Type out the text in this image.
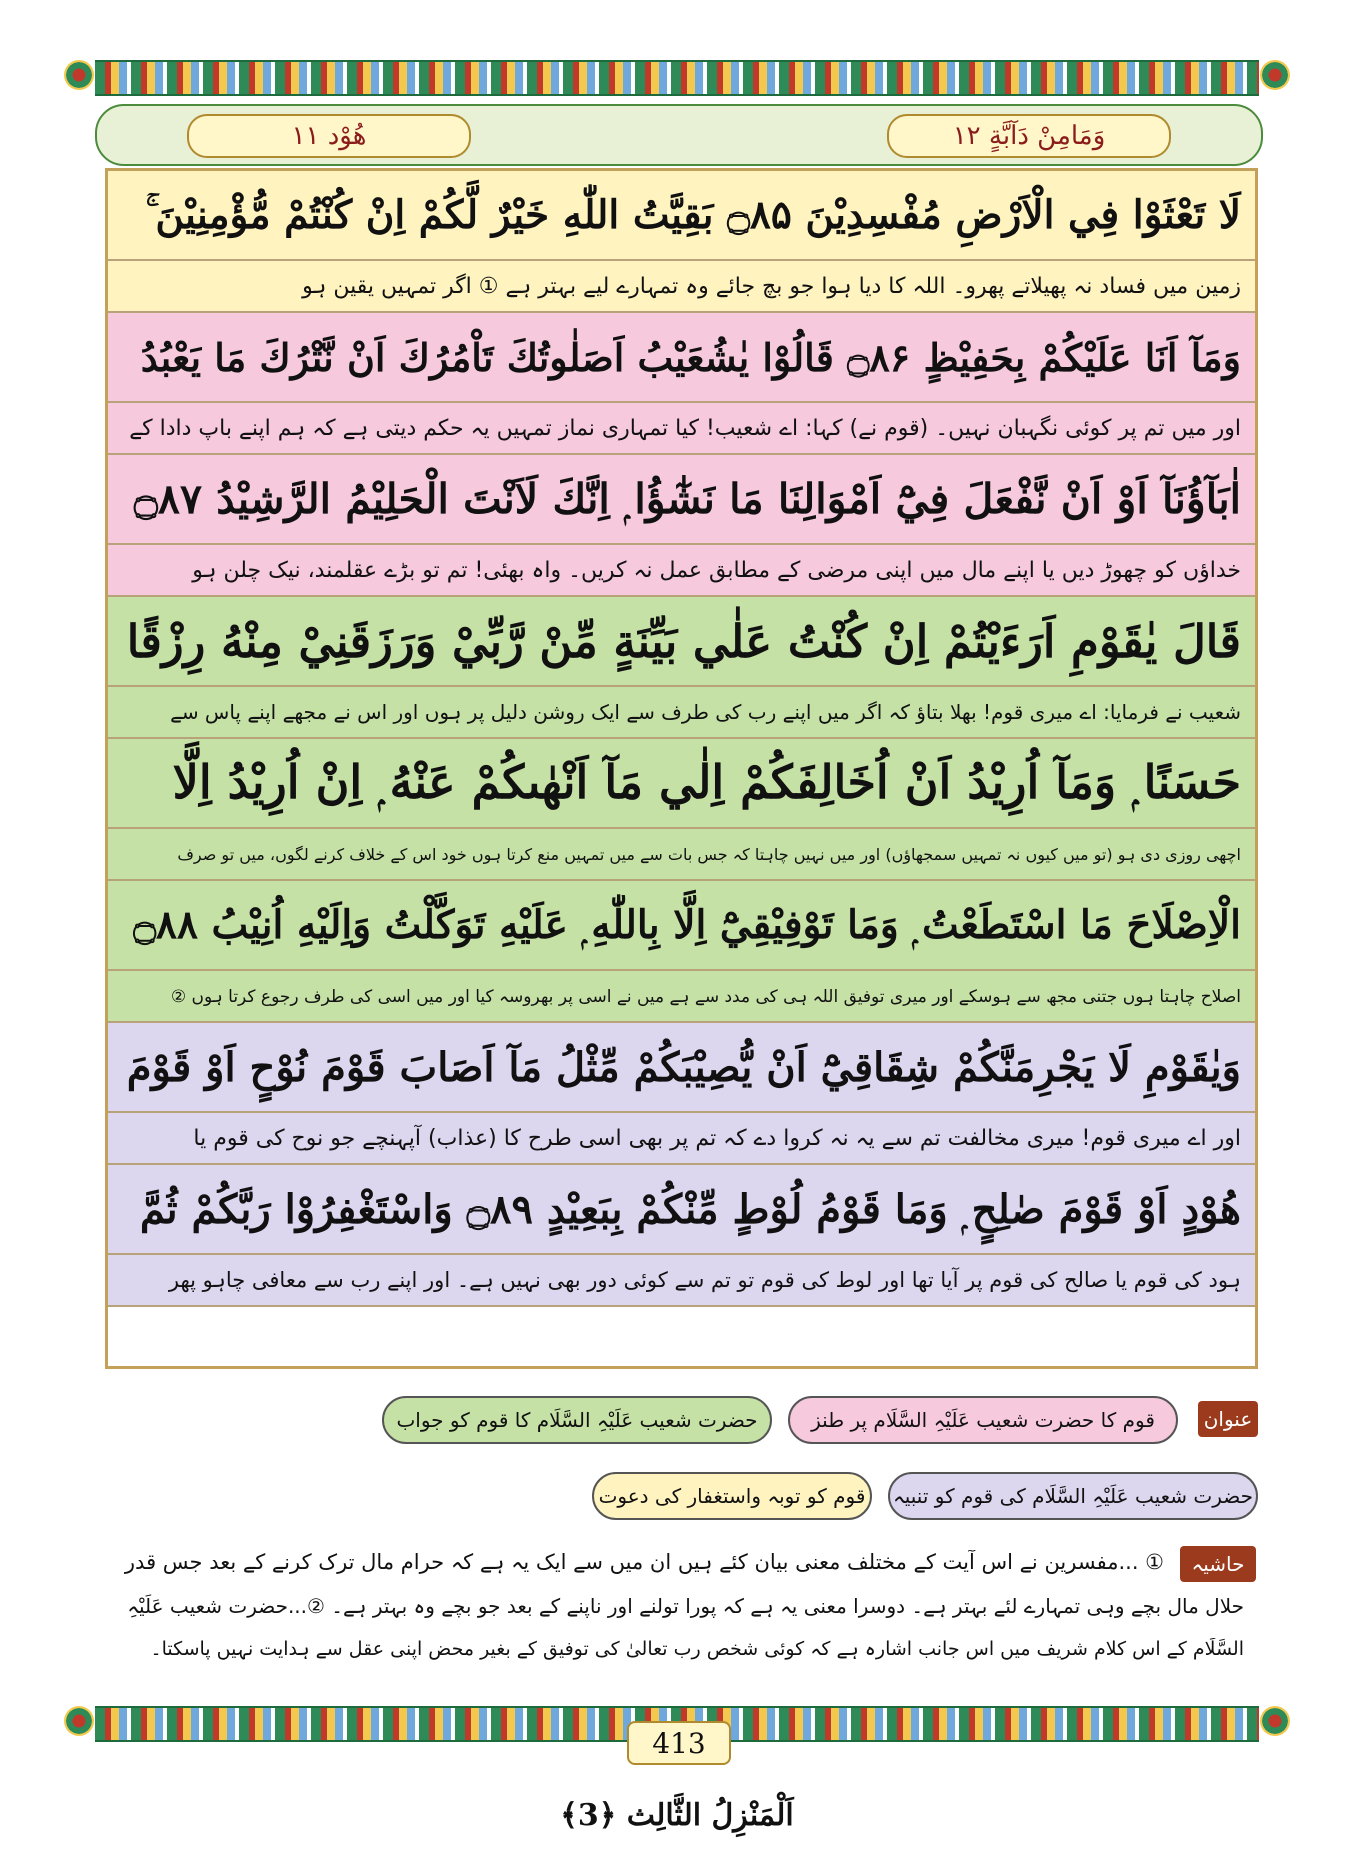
هُوْد ۱۱	وَمَامِنْ دَآبَّةٍ ۱۲
لَا تَعْثَوْا فِي الْاَرْضِ مُفْسِدِيْنَ ۝۸۵ بَقِيَّتُ اللّٰهِ خَيْرٌ لَّكُمْ اِنْ كُنْتُمْ مُّؤْمِنِيْنَ ۚ
زمین میں فساد نہ پھیلاتے پھرو۔ اللہ کا دیا ہوا جو بچ جائے وہ تمہارے لیے بہتر ہے ① اگر تمہیں یقین ہو
وَمَآ اَنَا عَلَيْكُمْ بِحَفِيْظٍ ۝۸۶ قَالُوْا يٰشُعَيْبُ اَصَلٰوتُكَ تَاْمُرُكَ اَنْ نَّتْرُكَ مَا يَعْبُدُ
اور میں تم پر کوئی نگہبان نہیں۔ (قوم نے) کہا: اے شعیب! کیا تمہاری نماز تمہیں یہ حکم دیتی ہے کہ ہم اپنے باپ دادا کے
اٰبَآؤُنَآ اَوْ اَنْ نَّفْعَلَ فِيْٓ اَمْوَالِنَا مَا نَشٰٓؤُا ۭ اِنَّكَ لَاَنْتَ الْحَلِيْمُ الرَّشِيْدُ ۝۸۷
خداؤں کو چھوڑ دیں یا اپنے مال میں اپنی مرضی کے مطابق عمل نہ کریں۔ واہ بھئی! تم تو بڑے عقلمند، نیک چلن ہو
قَالَ يٰقَوْمِ اَرَءَيْتُمْ اِنْ كُنْتُ عَلٰي بَيِّنَةٍ مِّنْ رَّبِّيْ وَرَزَقَنِيْ مِنْهُ رِزْقًا
شعیب نے فرمایا: اے میری قوم! بھلا بتاؤ کہ اگر میں اپنے رب کی طرف سے ایک روشن دلیل پر ہوں اور اس نے مجھے اپنے پاس سے
حَسَنًا ۭ وَمَآ اُرِيْدُ اَنْ اُخَالِفَكُمْ اِلٰي مَآ اَنْهٰىكُمْ عَنْهُ ۭ اِنْ اُرِيْدُ اِلَّا
اچھی روزی دی ہو (تو میں کیوں نہ تمہیں سمجھاؤں) اور میں نہیں چاہتا کہ جس بات سے میں تمہیں منع کرتا ہوں خود اس کے خلاف کرنے لگوں، میں تو صرف
الْاِصْلَاحَ مَا اسْتَطَعْتُ ۭ وَمَا تَوْفِيْقِيْٓ اِلَّا بِاللّٰهِ ۭ عَلَيْهِ تَوَكَّلْتُ وَاِلَيْهِ اُنِيْبُ ۝۸۸
اصلاح چاہتا ہوں جتنی مجھ سے ہوسکے اور میری توفیق اللہ ہی کی مدد سے ہے میں نے اسی پر بھروسہ کیا اور میں اسی کی طرف رجوع کرتا ہوں ②
وَيٰقَوْمِ لَا يَجْرِمَنَّكُمْ شِقَاقِيْٓ اَنْ يُّصِيْبَكُمْ مِّثْلُ مَآ اَصَابَ قَوْمَ نُوْحٍ اَوْ قَوْمَ
اور اے میری قوم! میری مخالفت تم سے یہ نہ کروا دے کہ تم پر بھی اسی طرح کا (عذاب) آپہنچے جو نوح کی قوم یا
هُوْدٍ اَوْ قَوْمَ صٰلِحٍ ۭ وَمَا قَوْمُ لُوْطٍ مِّنْكُمْ بِبَعِيْدٍ ۝۸۹ وَاسْتَغْفِرُوْا رَبَّكُمْ ثُمَّ
ہود کی قوم یا صالح کی قوم پر آیا تھا اور لوط کی قوم تو تم سے کوئی دور بھی نہیں ہے۔ اور اپنے رب سے معافی چاہو پھر
عنوان
قوم کا حضرت شعیب عَلَیْہِ السَّلَام پر طنز
حضرت شعیب عَلَیْہِ السَّلَام کا قوم کو جواب
حضرت شعیب عَلَیْہِ السَّلَام کی قوم کو تنبیہ
قوم کو توبہ واستغفار کی دعوت
حاشیہ
① ...مفسرین نے اس آیت کے مختلف معنی بیان کئے ہیں ان میں سے ایک یہ ہے کہ حرام مال ترک کرنے کے بعد جس قدر
حلال مال بچے وہی تمہارے لئے بہتر ہے۔ دوسرا معنی یہ ہے کہ پورا تولنے اور ناپنے کے بعد جو بچے وہ بہتر ہے۔ ②...حضرت شعیب عَلَیْہِ
السَّلَام کے اس کلام شریف میں اس جانب اشارہ ہے کہ کوئی شخص رب تعالیٰ کی توفیق کے بغیر محض اپنی عقل سے ہدایت نہیں پاسکتا۔
413
اَلْمَنْزِلُ الثَّالِث ﴿3﴾
